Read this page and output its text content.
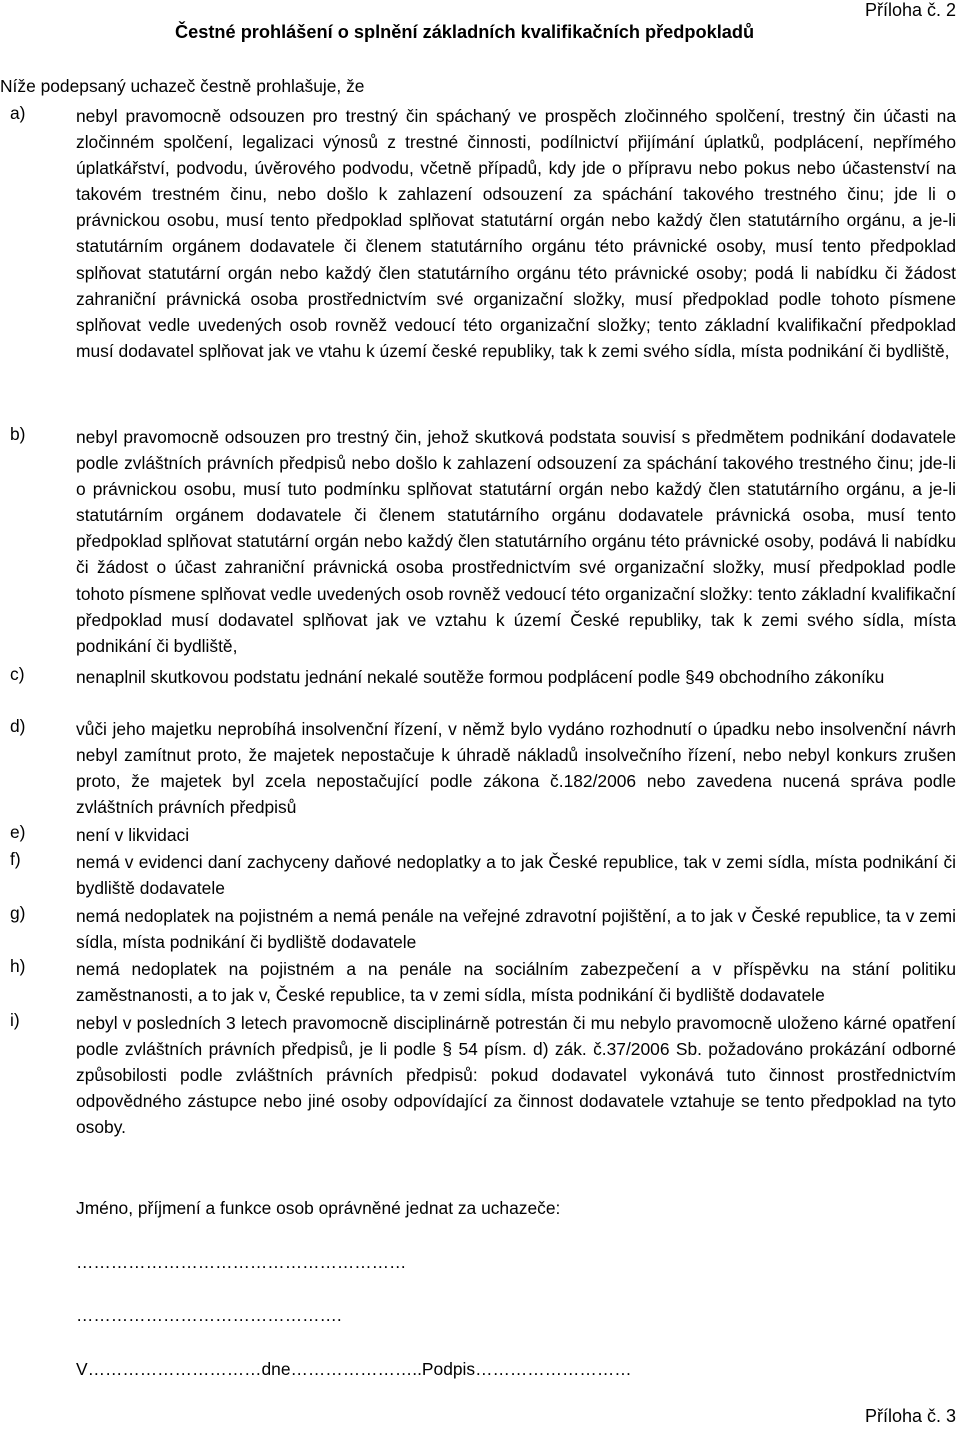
Příloha č. 2
Čestné prohlášení o splnění základních kvalifikačních předpokladů
Níže podepsaný uchazeč čestně prohlašuje, že
a)	nebyl pravomocně odsouzen pro trestný čin spáchaný ve prospěch zločinného spolčení, trestný čin účasti na zločinném spolčení, legalizaci výnosů z trestné činnosti, podílnictví přijímání úplatků, podplácení, nepřímého úplatkářství, podvodu, úvěrového podvodu, včetně případů, kdy jde o přípravu nebo pokus nebo účastenství na takovém trestném činu, nebo došlo k zahlazení odsouzení za spáchání takového trestného činu; jde li o právnickou osobu, musí tento předpoklad splňovat statutární orgán nebo každý člen statutárního orgánu, a je-li statutárním orgánem dodavatele či členem statutárního orgánu této právnické osoby, musí tento předpoklad splňovat statutární orgán nebo každý člen statutárního orgánu této právnické osoby; podá li nabídku či žádost zahraniční právnická osoba prostřednictvím své organizační složky, musí předpoklad podle tohoto písmene splňovat vedle uvedených osob rovněž vedoucí této organizační složky; tento základní kvalifikační předpoklad musí dodavatel splňovat jak ve vtahu k území české republiky, tak k zemi svého sídla, místa podnikání či bydliště,
b)	nebyl pravomocně odsouzen pro trestný čin, jehož skutková podstata souvisí s předmětem podnikání dodavatele podle zvláštních právních předpisů nebo došlo k zahlazení odsouzení za spáchání takového trestného činu; jde-li o právnickou osobu, musí tuto podmínku splňovat statutární orgán nebo každý člen statutárního orgánu, a je-li statutárním orgánem dodavatele či členem statutárního orgánu dodavatele právnická osoba, musí tento předpoklad splňovat statutární orgán nebo každý člen statutárního orgánu této právnické osoby, podává li nabídku či žádost o účast zahraniční právnická osoba prostřednictvím své organizační složky, musí předpoklad podle tohoto písmene splňovat vedle uvedených osob rovněž vedoucí této organizační složky: tento základní kvalifikační předpoklad musí dodavatel splňovat jak ve vztahu k území České republiky, tak k zemi svého sídla, místa podnikání či bydliště,
c)	nenaplnil skutkovou podstatu jednání nekalé soutěže formou podplácení podle §49 obchodního zákoníku
d)	vůči jeho majetku neprobíhá insolvenční řízení, v němž bylo vydáno rozhodnutí o úpadku nebo insolvenční návrh nebyl zamítnut proto, že majetek nepostačuje k úhradě nákladů insolvečního řízení, nebo nebyl konkurs zrušen proto, že majetek byl zcela nepostačující podle zákona č.182/2006 nebo zavedena nucená správa podle zvláštních právních předpisů
e)	není v likvidaci
f)	nemá v evidenci daní zachyceny daňové nedoplatky a to jak České republice, tak v zemi sídla, místa podnikání či bydliště dodavatele
g)	nemá nedoplatek na pojistném a nemá penále na veřejné zdravotní pojištění, a to jak v České republice, ta v zemi sídla, místa podnikání či bydliště dodavatele
h)	nemá nedoplatek na pojistném a na penále na sociálním zabezpečení a v příspěvku na stání politiku zaměstnanosti, a to jak v, České republice, ta v zemi sídla, místa podnikání či bydliště dodavatele
i)	nebyl v posledních 3 letech pravomocně disciplinárně potrestán či mu nebylo pravomocně uloženo kárné opatření podle zvláštních právních předpisů, je li podle § 54 písm. d) zák. č.37/2006 Sb. požadováno prokázání odborné způsobilosti podle zvláštních právních předpisů: pokud dodavatel vykonává tuto činnost prostřednictvím odpovědného zástupce nebo jiné osoby odpovídající za činnost dodavatele vztahuje se tento předpoklad na tyto osoby.
Jméno, příjmení a funkce osob oprávněné jednat za uchazeče:
…………………………………………………
……………………………………….
V…………………………dne…………………..Podpis………………………
Příloha č. 3
